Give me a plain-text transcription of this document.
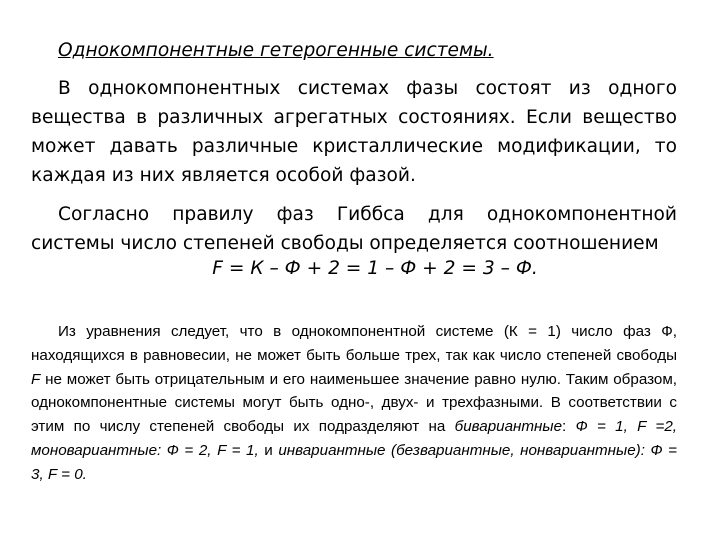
Однокомпонентные гетерогенные системы.
В однокомпонентных системах фазы состоят из одного вещества в различных агрегатных состояниях. Если вещество может давать различные кристаллические модификации, то каждая из них является особой фазой.
Согласно правилу фаз Гиббса для однокомпонентной системы число степеней свободы определяется соотношением
F = К – Ф + 2 = 1 – Ф + 2 = 3 – Ф.
Из уравнения следует, что в однокомпонентной системе (К = 1) число фаз Ф, находящихся в равновесии, не может быть больше трех, так как число степеней свободы F не может быть отрицательным и его наименьшее значение равно нулю. Таким образом, однокомпонентные системы могут быть одно-, двух- и трехфазными. В соответствии с этим по числу степеней свободы их подразделяют на бивариантные: Ф = 1, F =2, моновариантные: Ф = 2, F = 1, и инвариантные (безвариантные, нонвариантные): Ф = 3, F = 0.
